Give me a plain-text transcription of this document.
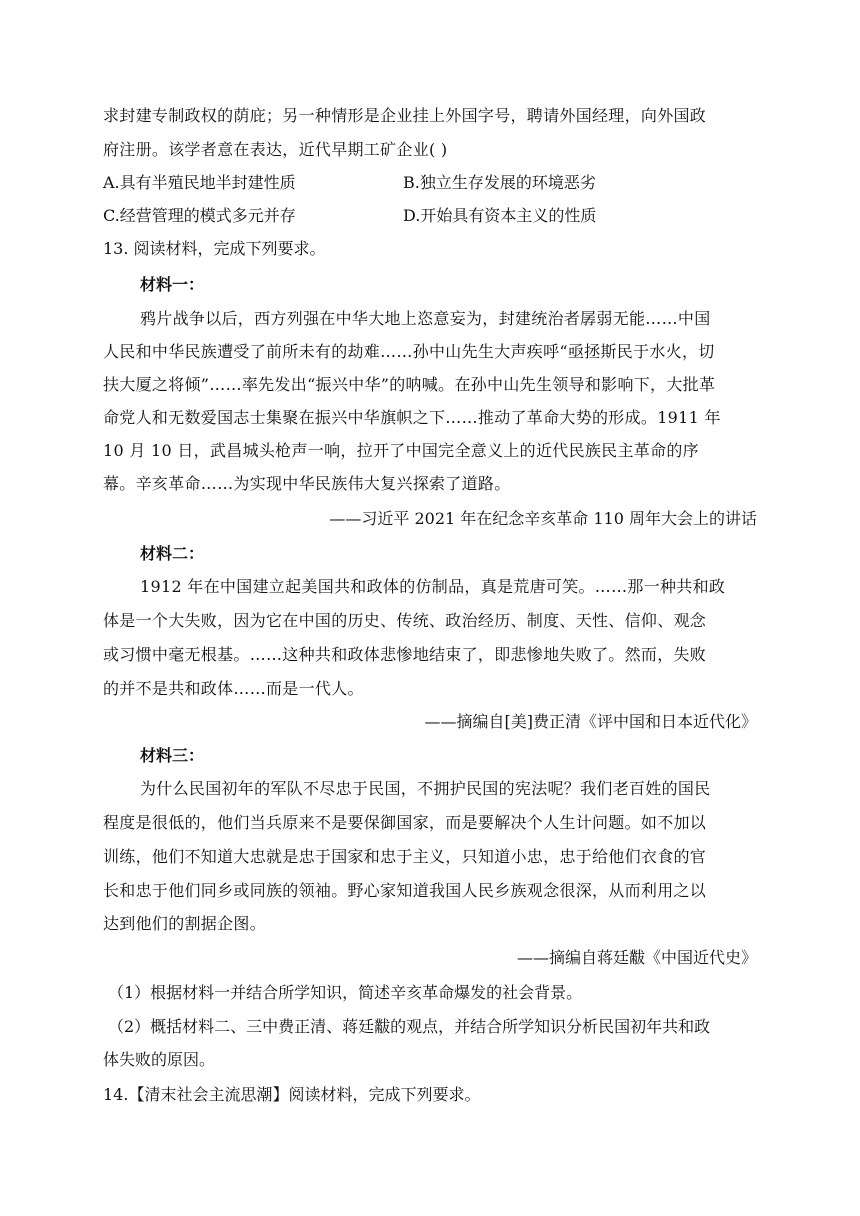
求封建专制政权的荫庇；另一种情形是企业挂上外国字号，聘请外国经理，向外国政
府注册。该学者意在表达，近代早期工矿企业( )
A.具有半殖民地半封建性质	B.独立生存发展的环境恶劣
C.经营管理的模式多元并存	D.开始具有资本主义的性质
13. 阅读材料，完成下列要求。
材料一：
鸦片战争以后，西方列强在中华大地上恣意妄为，封建统治者孱弱无能……中国
人民和中华民族遭受了前所未有的劫难……孙中山先生大声疾呼“亟拯斯民于水火，切
扶大厦之将倾”……率先发出“振兴中华”的呐喊。在孙中山先生领导和影响下，大批革
命党人和无数爱国志士集聚在振兴中华旗帜之下……推动了革命大势的形成。1911 年
10 月 10 日，武昌城头枪声一响，拉开了中国完全意义上的近代民族民主革命的序
幕。辛亥革命……为实现中华民族伟大复兴探索了道路。
——习近平 2021 年在纪念辛亥革命 110 周年大会上的讲话
材料二：
1912 年在中国建立起美国共和政体的仿制品，真是荒唐可笑。……那一种共和政
体是一个大失败，因为它在中国的历史、传统、政治经历、制度、天性、信仰、观念
或习惯中毫无根基。……这种共和政体悲惨地结束了，即悲惨地失败了。然而，失败
的并不是共和政体……而是一代人。
——摘编自[美]费正清《评中国和日本近代化》
材料三：
为什么民国初年的军队不尽忠于民国，不拥护民国的宪法呢？我们老百姓的国民
程度是很低的，他们当兵原来不是要保御国家，而是要解决个人生计问题。如不加以
训练，他们不知道大忠就是忠于国家和忠于主义，只知道小忠，忠于给他们衣食的官
长和忠于他们同乡或同族的领袖。野心家知道我国人民乡族观念很深，从而利用之以
达到他们的割据企图。
——摘编自蒋廷黻《中国近代史》
（1）根据材料一并结合所学知识，简述辛亥革命爆发的社会背景。
（2）概括材料二、三中费正清、蒋廷黻的观点，并结合所学知识分析民国初年共和政
体失败的原因。
14.【清末社会主流思潮】阅读材料，完成下列要求。
